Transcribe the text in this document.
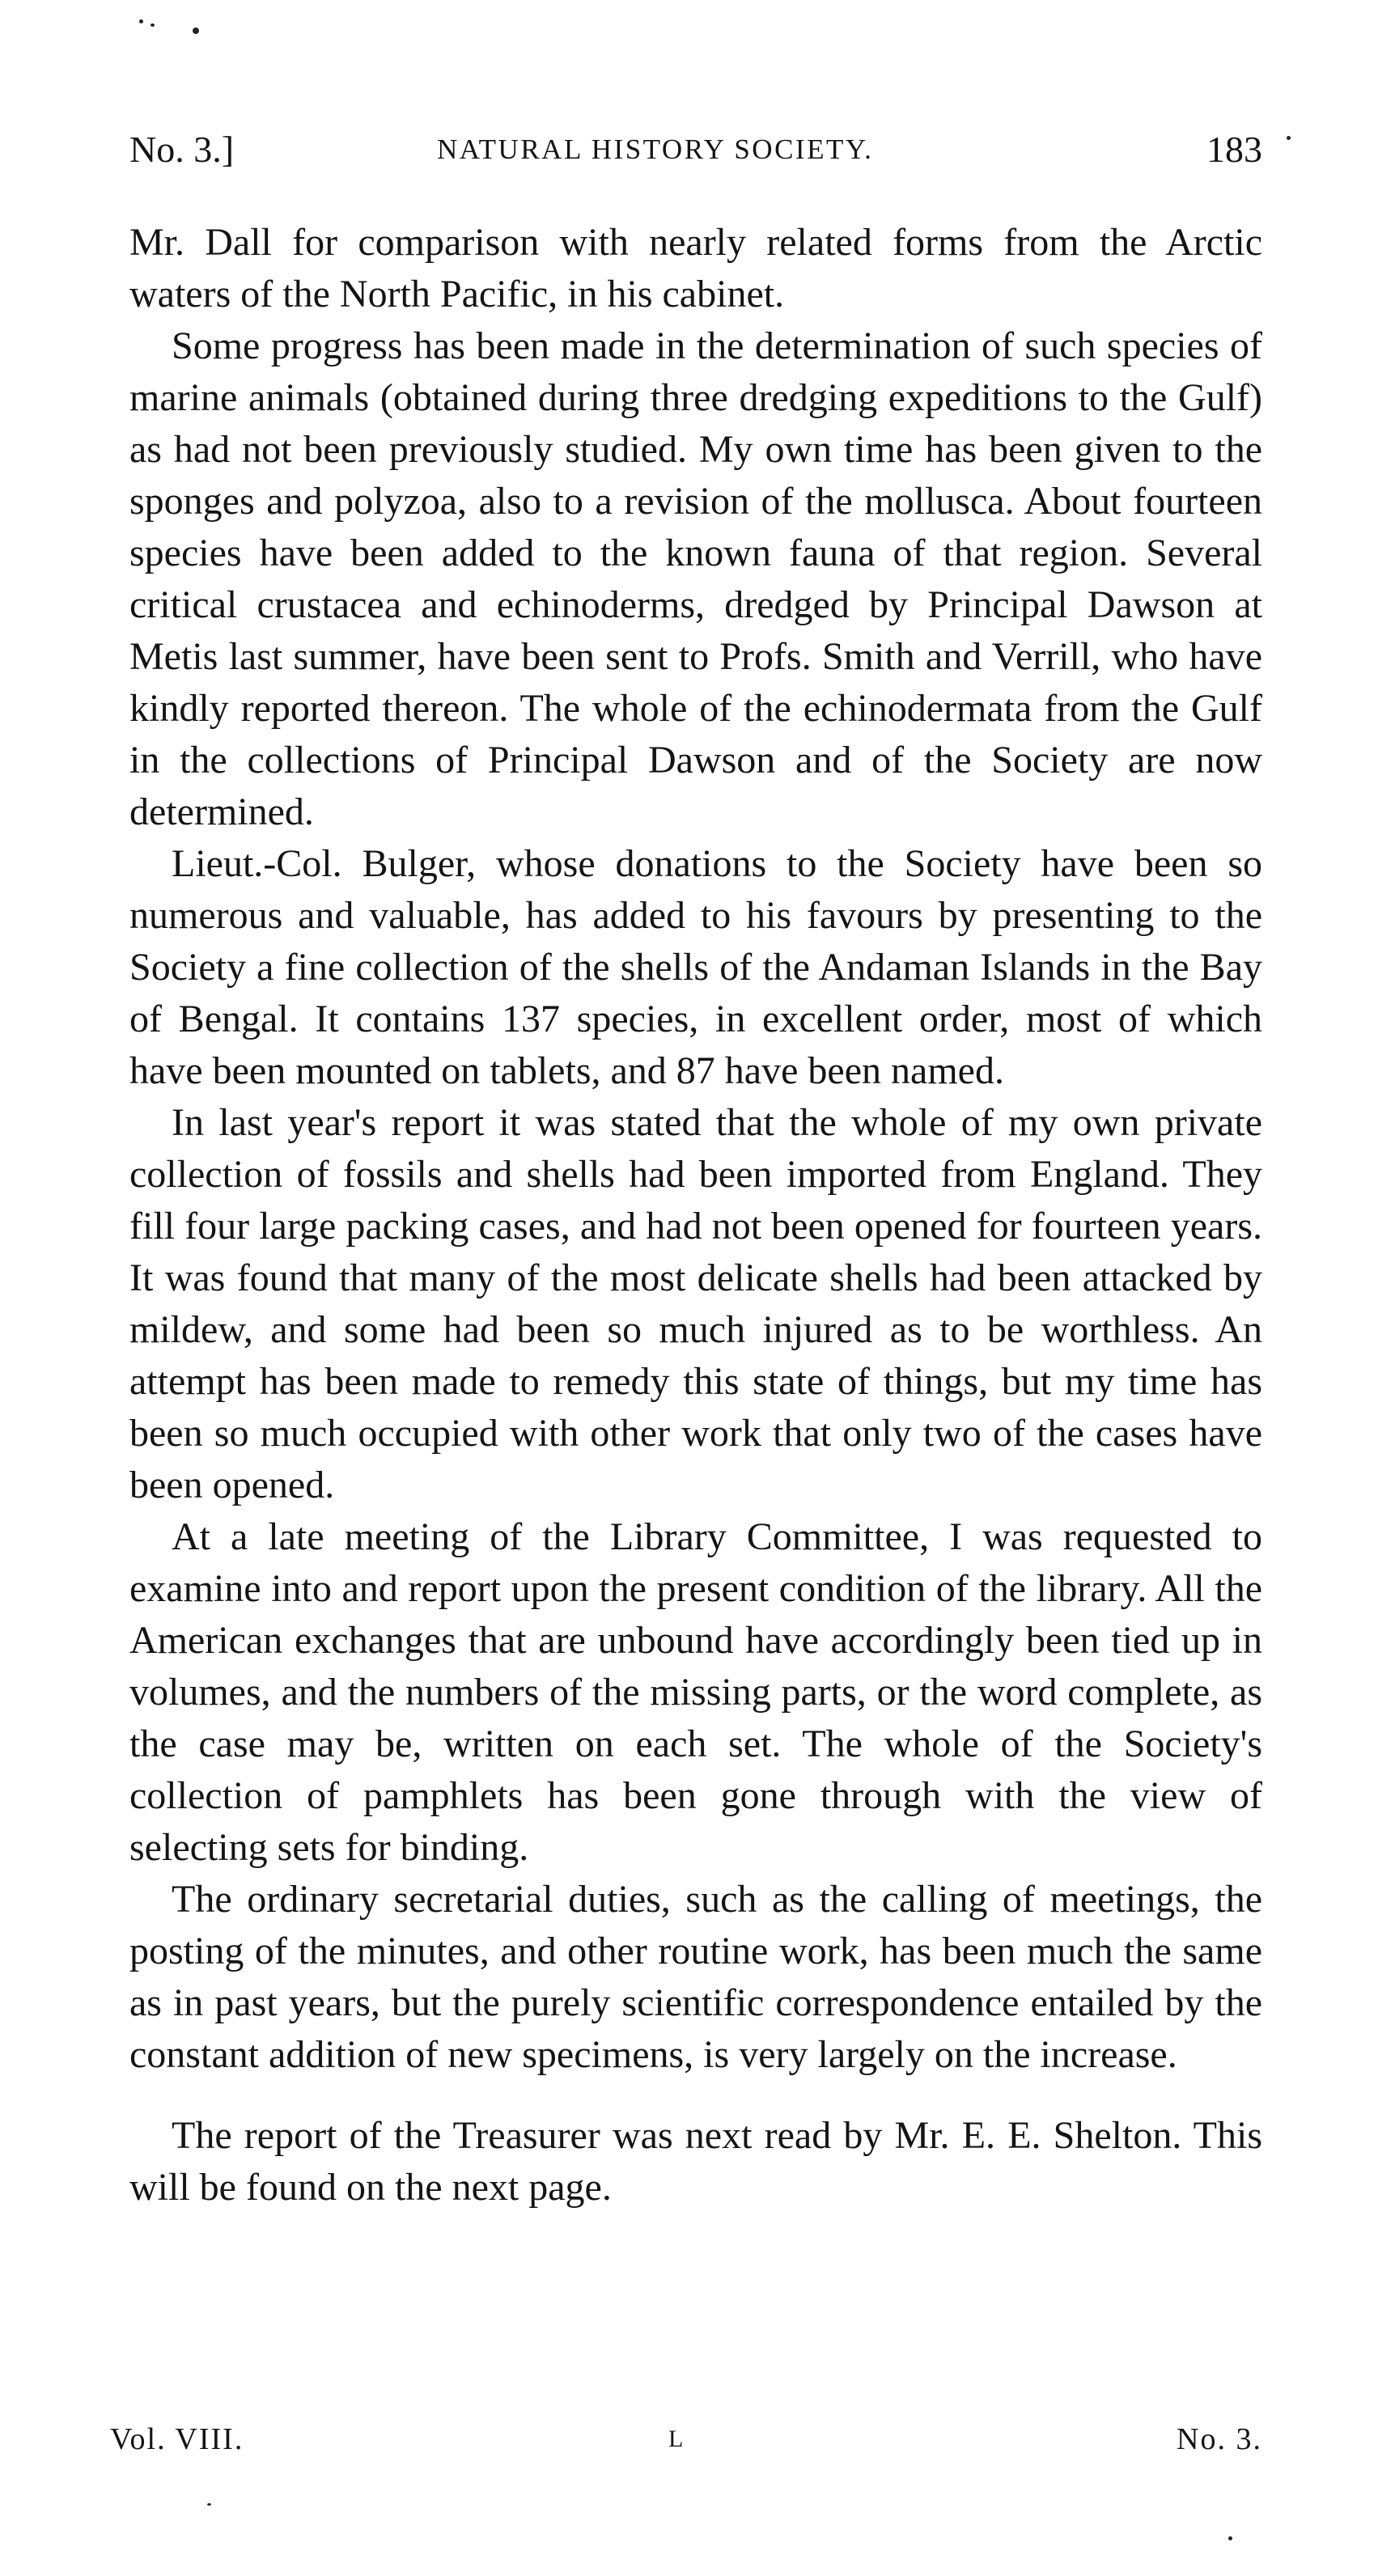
No. 3.]	NATURAL HISTORY SOCIETY.	183

Mr. Dall for comparison with nearly related forms from the Arctic waters of the North Pacific, in his cabinet.

Some progress has been made in the determination of such species of marine animals (obtained during three dredging expeditions to the Gulf) as had not been previously studied. My own time has been given to the sponges and polyzoa, also to a revision of the mollusca. About fourteen species have been added to the known fauna of that region. Several critical crustacea and echinoderms, dredged by Principal Dawson at Metis last summer, have been sent to Profs. Smith and Verrill, who have kindly reported thereon. The whole of the echinodermata from the Gulf in the collections of Principal Dawson and of the Society are now determined.

Lieut.-Col. Bulger, whose donations to the Society have been so numerous and valuable, has added to his favours by presenting to the Society a fine collection of the shells of the Andaman Islands in the Bay of Bengal. It contains 137 species, in excellent order, most of which have been mounted on tablets, and 87 have been named.

In last year's report it was stated that the whole of my own private collection of fossils and shells had been imported from England. They fill four large packing cases, and had not been opened for fourteen years. It was found that many of the most delicate shells had been attacked by mildew, and some had been so much injured as to be worthless. An attempt has been made to remedy this state of things, but my time has been so much occupied with other work that only two of the cases have been opened.

At a late meeting of the Library Committee, I was requested to examine into and report upon the present condition of the library. All the American exchanges that are unbound have accordingly been tied up in volumes, and the numbers of the missing parts, or the word complete, as the case may be, written on each set. The whole of the Society's collection of pamphlets has been gone through with the view of selecting sets for binding.

The ordinary secretarial duties, such as the calling of meetings, the posting of the minutes, and other routine work, has been much the same as in past years, but the purely scientific correspondence entailed by the constant addition of new specimens, is very largely on the increase.

The report of the Treasurer was next read by Mr. E. E. Shelton. This will be found on the next page.

Vol. VIII.	L	No. 3.
